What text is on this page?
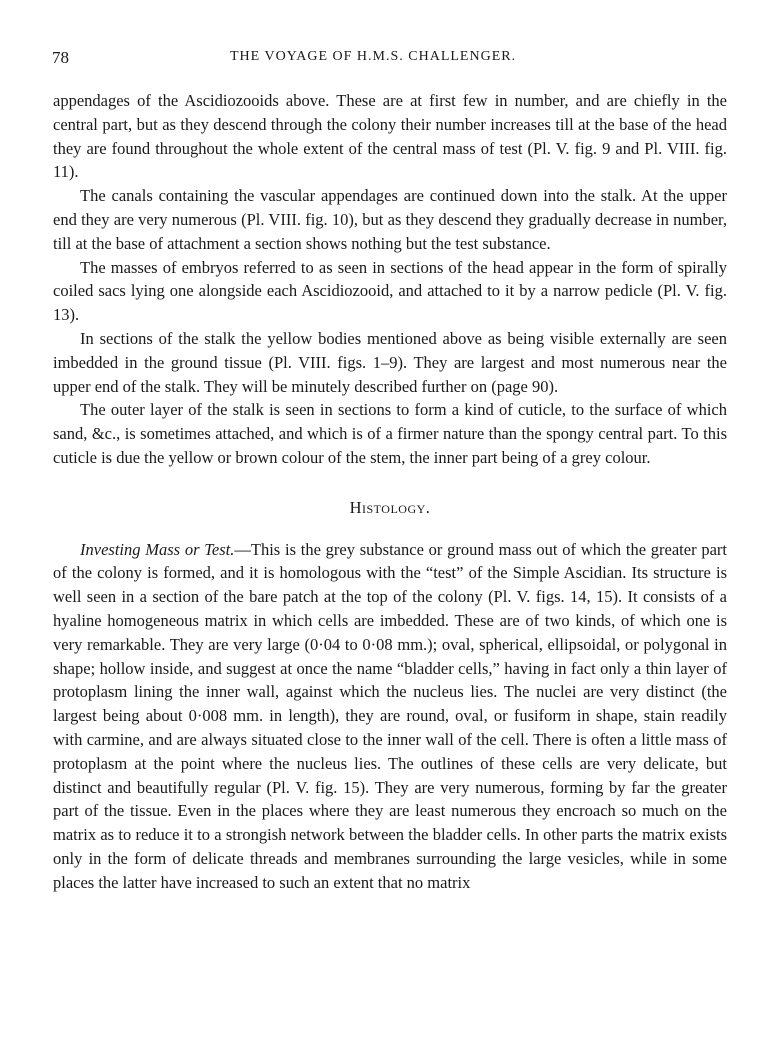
78	THE VOYAGE OF H.M.S. CHALLENGER.

appendages of the Ascidiozooids above. These are at first few in number, and are chiefly in the central part, but as they descend through the colony their number increases till at the base of the head they are found throughout the whole extent of the central mass of test (Pl. V. fig. 9 and Pl. VIII. fig. 11).

The canals containing the vascular appendages are continued down into the stalk. At the upper end they are very numerous (Pl. VIII. fig. 10), but as they descend they gradually decrease in number, till at the base of attachment a section shows nothing but the test substance.

The masses of embryos referred to as seen in sections of the head appear in the form of spirally coiled sacs lying one alongside each Ascidiozooid, and attached to it by a narrow pedicle (Pl. V. fig. 13).

In sections of the stalk the yellow bodies mentioned above as being visible externally are seen imbedded in the ground tissue (Pl. VIII. figs. 1–9). They are largest and most numerous near the upper end of the stalk. They will be minutely described further on (page 90).

The outer layer of the stalk is seen in sections to form a kind of cuticle, to the surface of which sand, &c., is sometimes attached, and which is of a firmer nature than the spongy central part. To this cuticle is due the yellow or brown colour of the stem, the inner part being of a grey colour.

Histology.

Investing Mass or Test.—This is the grey substance or ground mass out of which the greater part of the colony is formed, and it is homologous with the “test” of the Simple Ascidian. Its structure is well seen in a section of the bare patch at the top of the colony (Pl. V. figs. 14, 15). It consists of a hyaline homogeneous matrix in which cells are imbedded. These are of two kinds, of which one is very remarkable. They are very large (0·04 to 0·08 mm.); oval, spherical, ellipsoidal, or polygonal in shape; hollow inside, and suggest at once the name “bladder cells,” having in fact only a thin layer of protoplasm lining the inner wall, against which the nucleus lies. The nuclei are very distinct (the largest being about 0·008 mm. in length), they are round, oval, or fusiform in shape, stain readily with carmine, and are always situated close to the inner wall of the cell. There is often a little mass of protoplasm at the point where the nucleus lies. The outlines of these cells are very delicate, but distinct and beautifully regular (Pl. V. fig. 15). They are very numerous, forming by far the greater part of the tissue. Even in the places where they are least numerous they encroach so much on the matrix as to reduce it to a strongish network between the bladder cells. In other parts the matrix exists only in the form of delicate threads and membranes surrounding the large vesicles, while in some places the latter have increased to such an extent that no matrix
